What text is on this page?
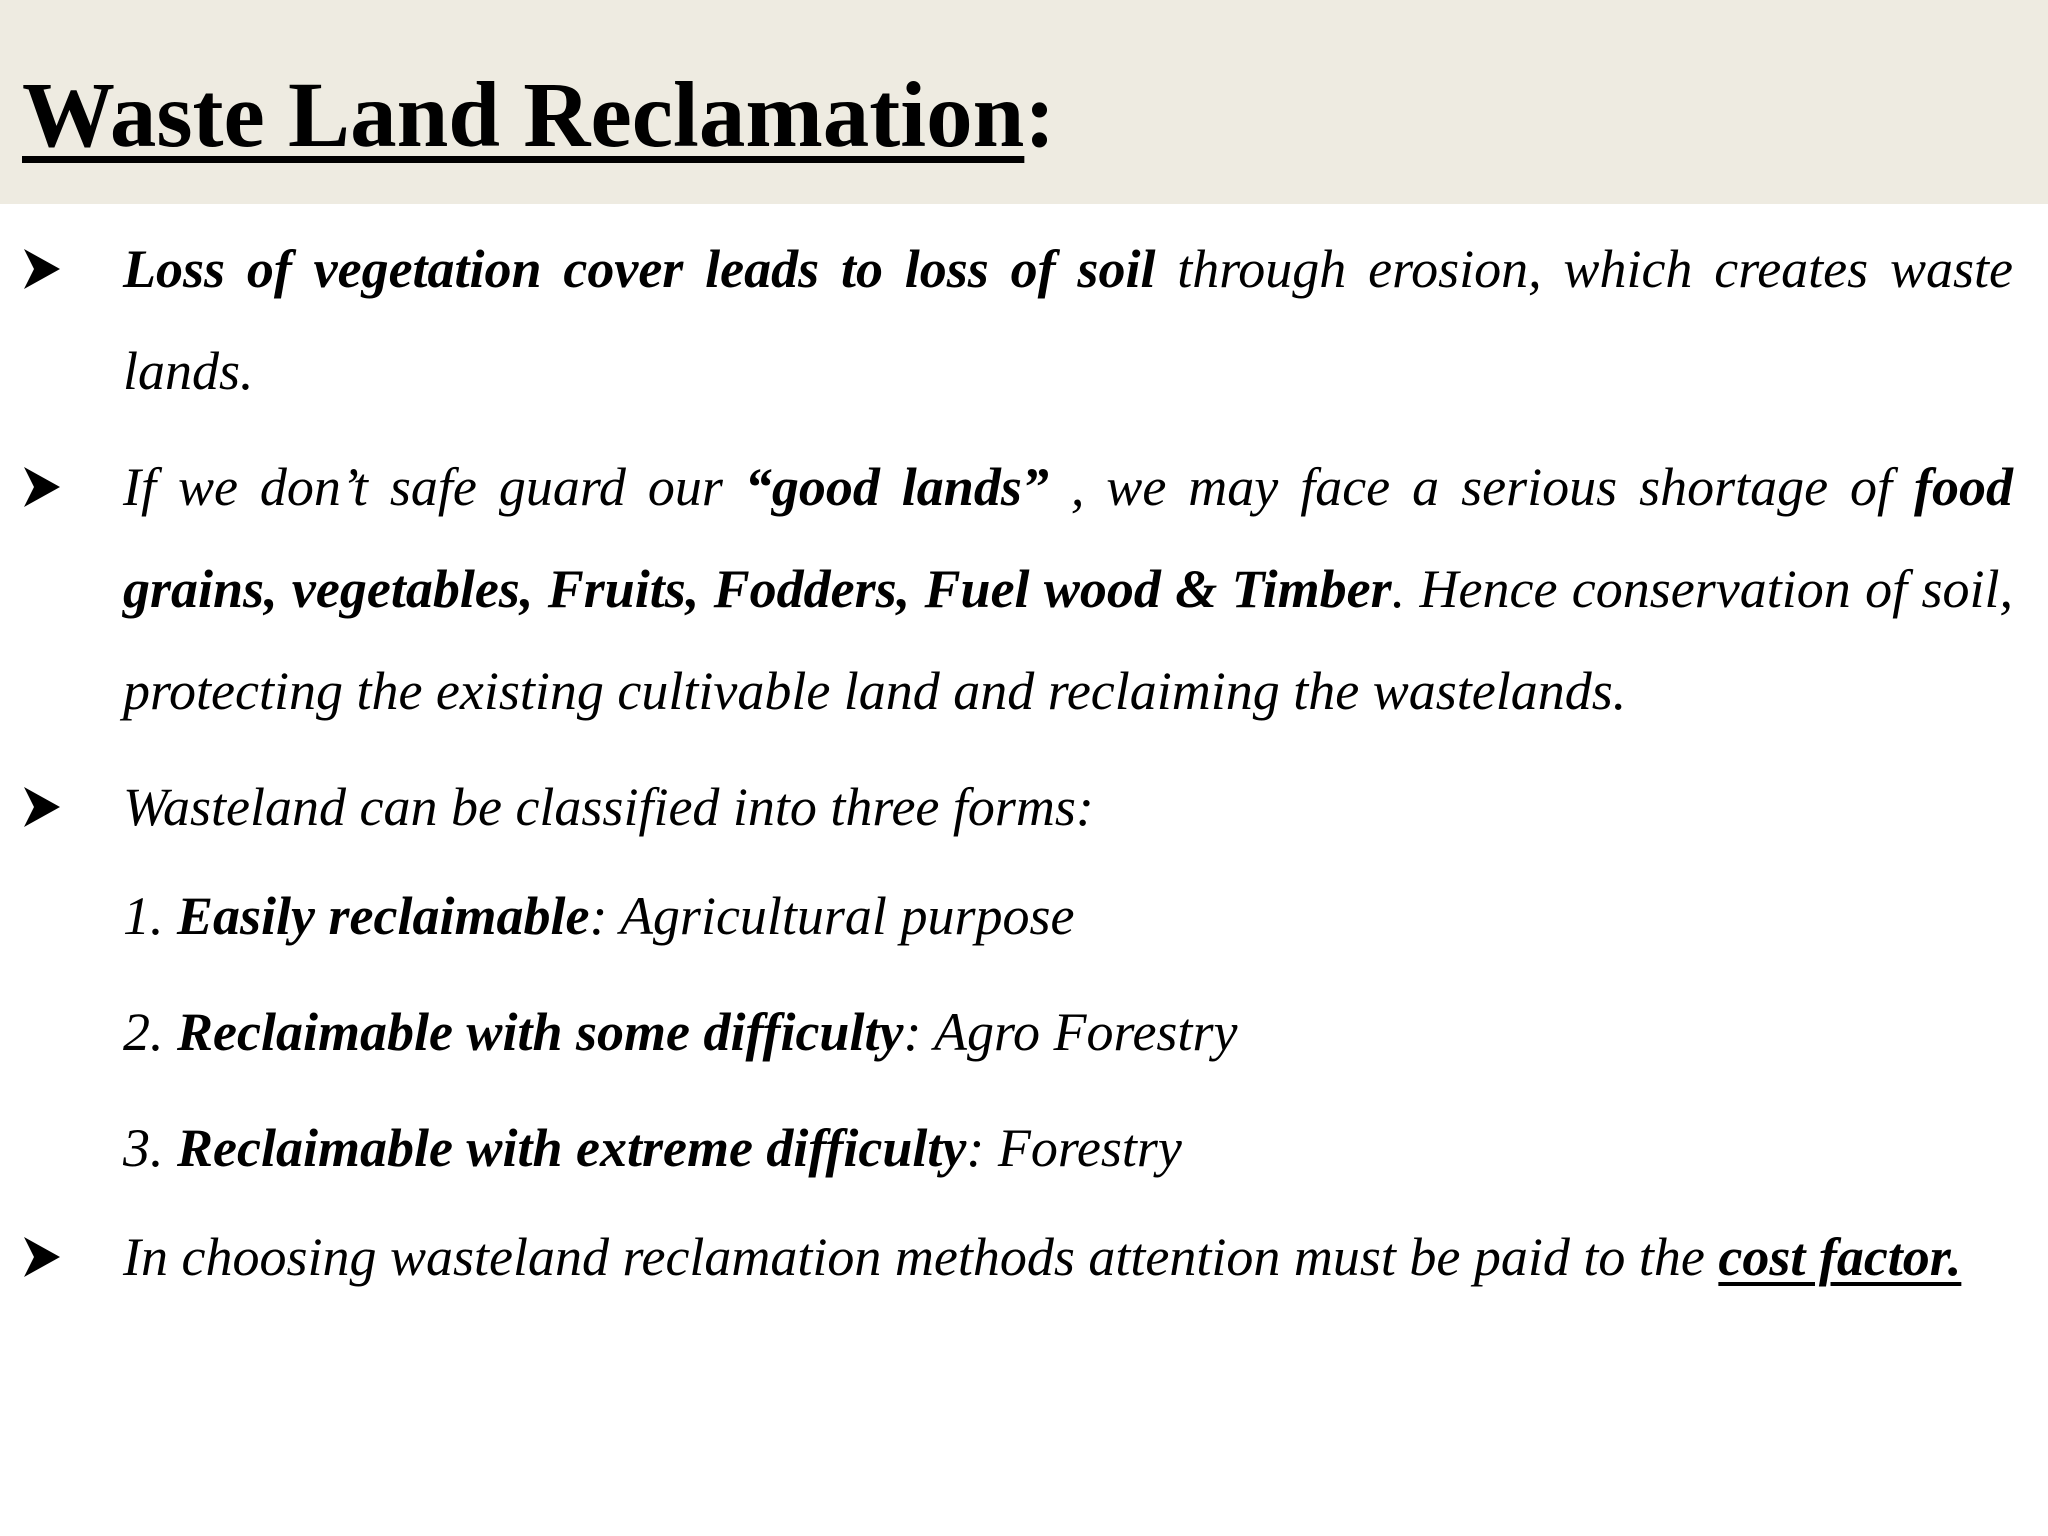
Waste Land Reclamation:

Loss of vegetation cover leads to loss of soil through erosion, which creates waste lands.

If we don’t safe guard our “good lands” , we may face a serious shortage of food grains, vegetables, Fruits, Fodders, Fuel wood & Timber. Hence conservation of soil, protecting the existing cultivable land and reclaiming the wastelands.

Wasteland can be classified into three forms:

1. Easily reclaimable: Agricultural purpose
2. Reclaimable with some difficulty: Agro Forestry
3. Reclaimable with extreme difficulty: Forestry

In choosing wasteland reclamation methods attention must be paid to the cost factor.
